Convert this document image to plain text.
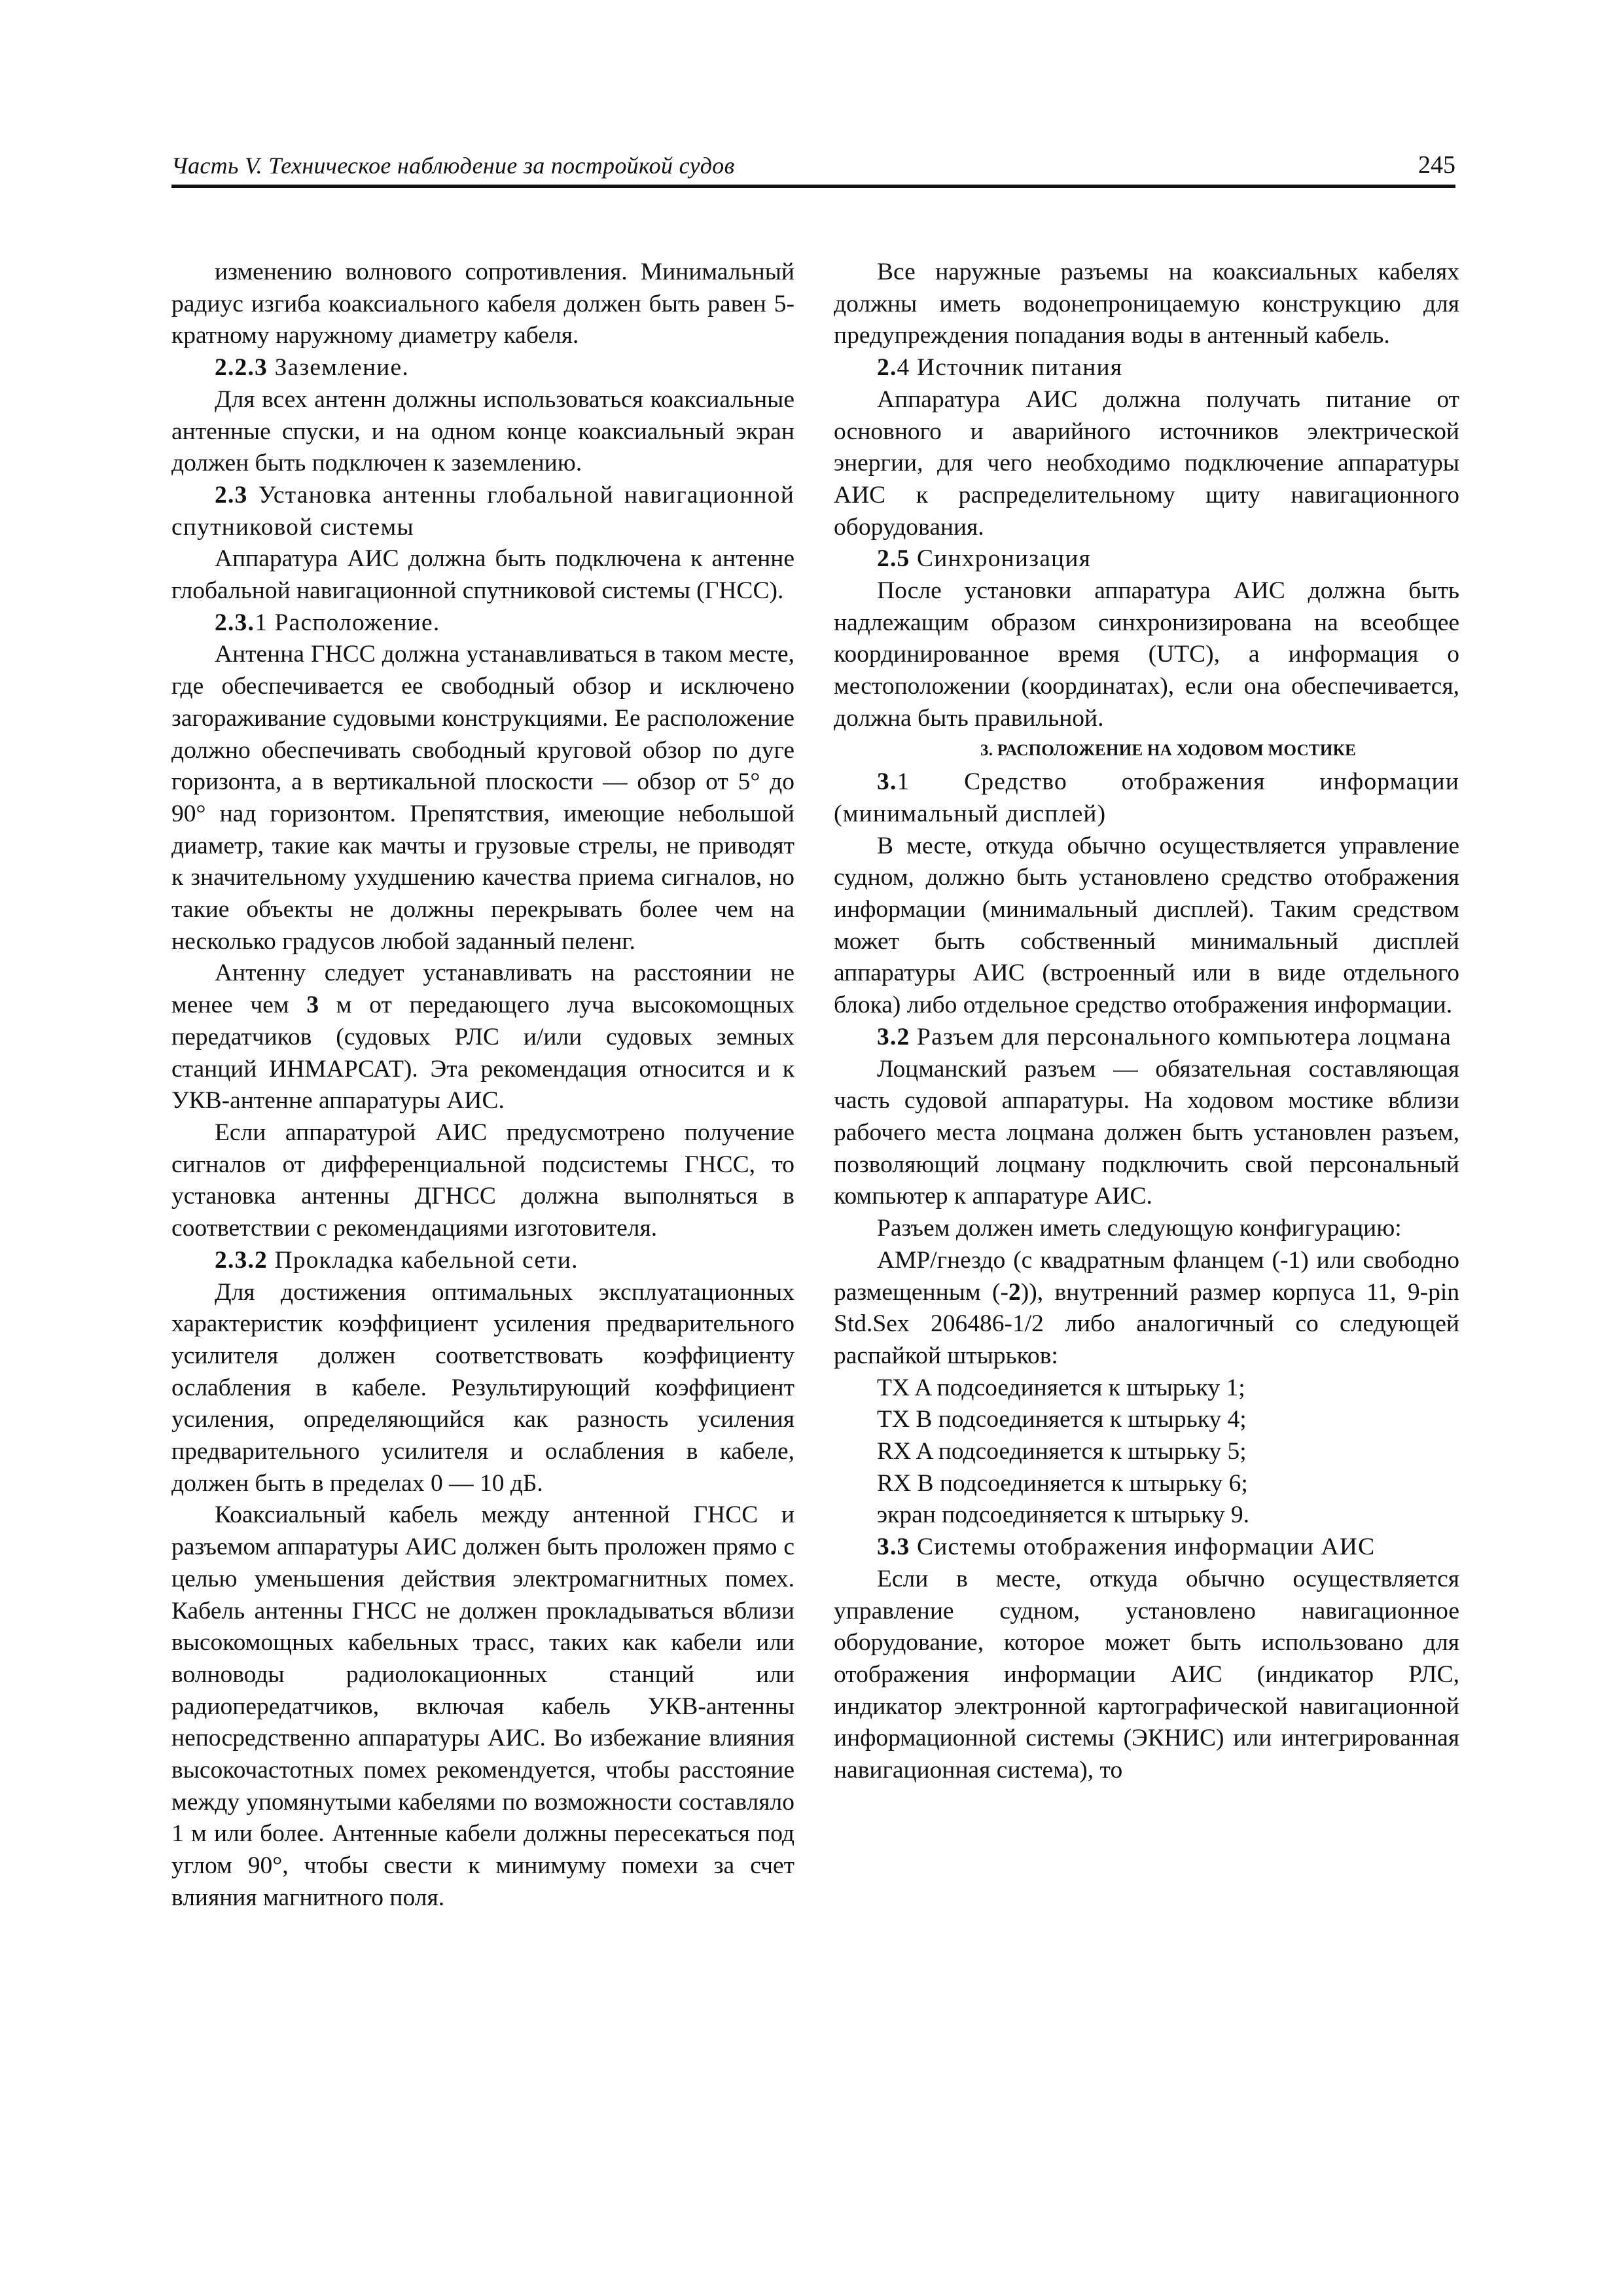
Часть V. Техническое наблюдение за постройкой судов	245

изменению волнового сопротивления. Минимальный радиус изгиба коаксиального кабеля должен быть равен 5-кратному наружному диаметру кабеля.

2.2.3 Заземление.

Для всех антенн должны использоваться коаксиальные антенные спуски, и на одном конце коаксиальный экран должен быть подключен к заземлению.

2.3 Установка антенны глобальной навигационной спутниковой системы

Аппаратура АИС должна быть подключена к антенне глобальной навигационной спутниковой системы (ГНСС).

2.3.1 Расположение.

Антенна ГНСС должна устанавливаться в таком месте, где обеспечивается ее свободный обзор и исключено загораживание судовыми конструкциями. Ее расположение должно обеспечивать свободный круговой обзор по дуге горизонта, а в вертикальной плоскости — обзор от 5° до 90° над горизонтом. Препятствия, имеющие небольшой диаметр, такие как мачты и грузовые стрелы, не приводят к значительному ухудшению качества приема сигналов, но такие объекты не должны перекрывать более чем на несколько градусов любой заданный пеленг.

Антенну следует устанавливать на расстоянии не менее чем 3 м от передающего луча высокомощных передатчиков (судовых РЛС и/или судовых земных станций ИНМАРСАТ). Эта рекомендация относится и к УКВ-антенне аппаратуры АИС.

Если аппаратурой АИС предусмотрено получение сигналов от дифференциальной подсистемы ГНСС, то установка антенны ДГНСС должна выполняться в соответствии с рекомендациями изготовителя.

2.3.2 Прокладка кабельной сети.

Для достижения оптимальных эксплуатационных характеристик коэффициент усиления предварительного усилителя должен соответствовать коэффициенту ослабления в кабеле. Результирующий коэффициент усиления, определяющийся как разность усиления предварительного усилителя и ослабления в кабеле, должен быть в пределах 0 — 10 дБ.

Коаксиальный кабель между антенной ГНСС и разъемом аппаратуры АИС должен быть проложен прямо с целью уменьшения действия электромагнитных помех. Кабель антенны ГНСС не должен прокладываться вблизи высокомощных кабельных трасс, таких как кабели или волноводы радиолокационных станций или радиопередатчиков, включая кабель УКВ-антенны непосредственно аппаратуры АИС. Во избежание влияния высокочастотных помех рекомендуется, чтобы расстояние между упомянутыми кабелями по возможности составляло 1 м или более. Антенные кабели должны пересекаться под углом 90°, чтобы свести к минимуму помехи за счет влияния магнитного поля.

Все наружные разъемы на коаксиальных кабелях должны иметь водонепроницаемую конструкцию для предупреждения попадания воды в антенный кабель.

2.4 Источник питания

Аппаратура АИС должна получать питание от основного и аварийного источников электрической энергии, для чего необходимо подключение аппаратуры АИС к распределительному щиту навигационного оборудования.

2.5 Синхронизация

После установки аппаратура АИС должна быть надлежащим образом синхронизирована на всеобщее координированное время (UTC), а информация о местоположении (координатах), если она обеспечивается, должна быть правильной.

3. РАСПОЛОЖЕНИЕ НА ХОДОВОМ МОСТИКЕ

3.1 Средство отображения информации (минимальный дисплей)

В месте, откуда обычно осуществляется управление судном, должно быть установлено средство отображения информации (минимальный дисплей). Таким средством может быть собственный минимальный дисплей аппаратуры АИС (встроенный или в виде отдельного блока) либо отдельное средство отображения информации.

3.2 Разъем для персонального компьютера лоцмана

Лоцманский разъем — обязательная составляющая часть судовой аппаратуры. На ходовом мостике вблизи рабочего места лоцмана должен быть установлен разъем, позволяющий лоцману подключить свой персональный компьютер к аппаратуре АИС.

Разъем должен иметь следующую конфигурацию:

АМР/гнездо (с квадратным фланцем (-1) или свободно размещенным (-2)), внутренний размер корпуса 11, 9-pin Std.Sex 206486-1/2 либо аналогичный со следующей распайкой штырьков:

TX A подсоединяется к штырьку 1;

TX B подсоединяется к штырьку 4;

RX A подсоединяется к штырьку 5;

RX B подсоединяется к штырьку 6;

экран подсоединяется к штырьку 9.

3.3 Системы отображения информации АИС

Если в месте, откуда обычно осуществляется управление судном, установлено навигационное оборудование, которое может быть использовано для отображения информации АИС (индикатор РЛС, индикатор электронной картографической навигационной информационной системы (ЭКНИС) или интегрированная навигационная система), то
